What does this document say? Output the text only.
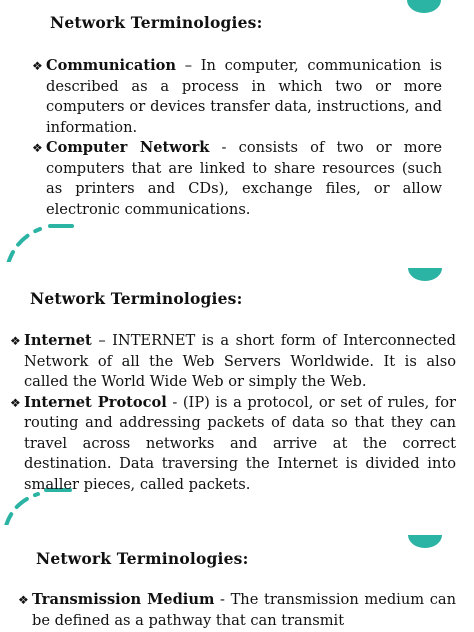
Network Terminologies:

❖ Communication – In computer, communication is described as a process in which two or more computers or devices transfer data, instructions, and information.

❖ Computer Network - consists of two or more computers that are linked to share resources (such as printers and CDs), exchange files, or allow electronic communications.

Network Terminologies:

❖ Internet – INTERNET is a short form of Interconnected Network of all the Web Servers Worldwide. It is also called the World Wide Web or simply the Web.

❖ Internet Protocol - (IP) is a protocol, or set of rules, for routing and addressing packets of data so that they can travel across networks and arrive at the correct destination. Data traversing the Internet is divided into smaller pieces, called packets.

Network Terminologies:

❖ Transmission Medium - The transmission medium can be defined as a pathway that can transmit
